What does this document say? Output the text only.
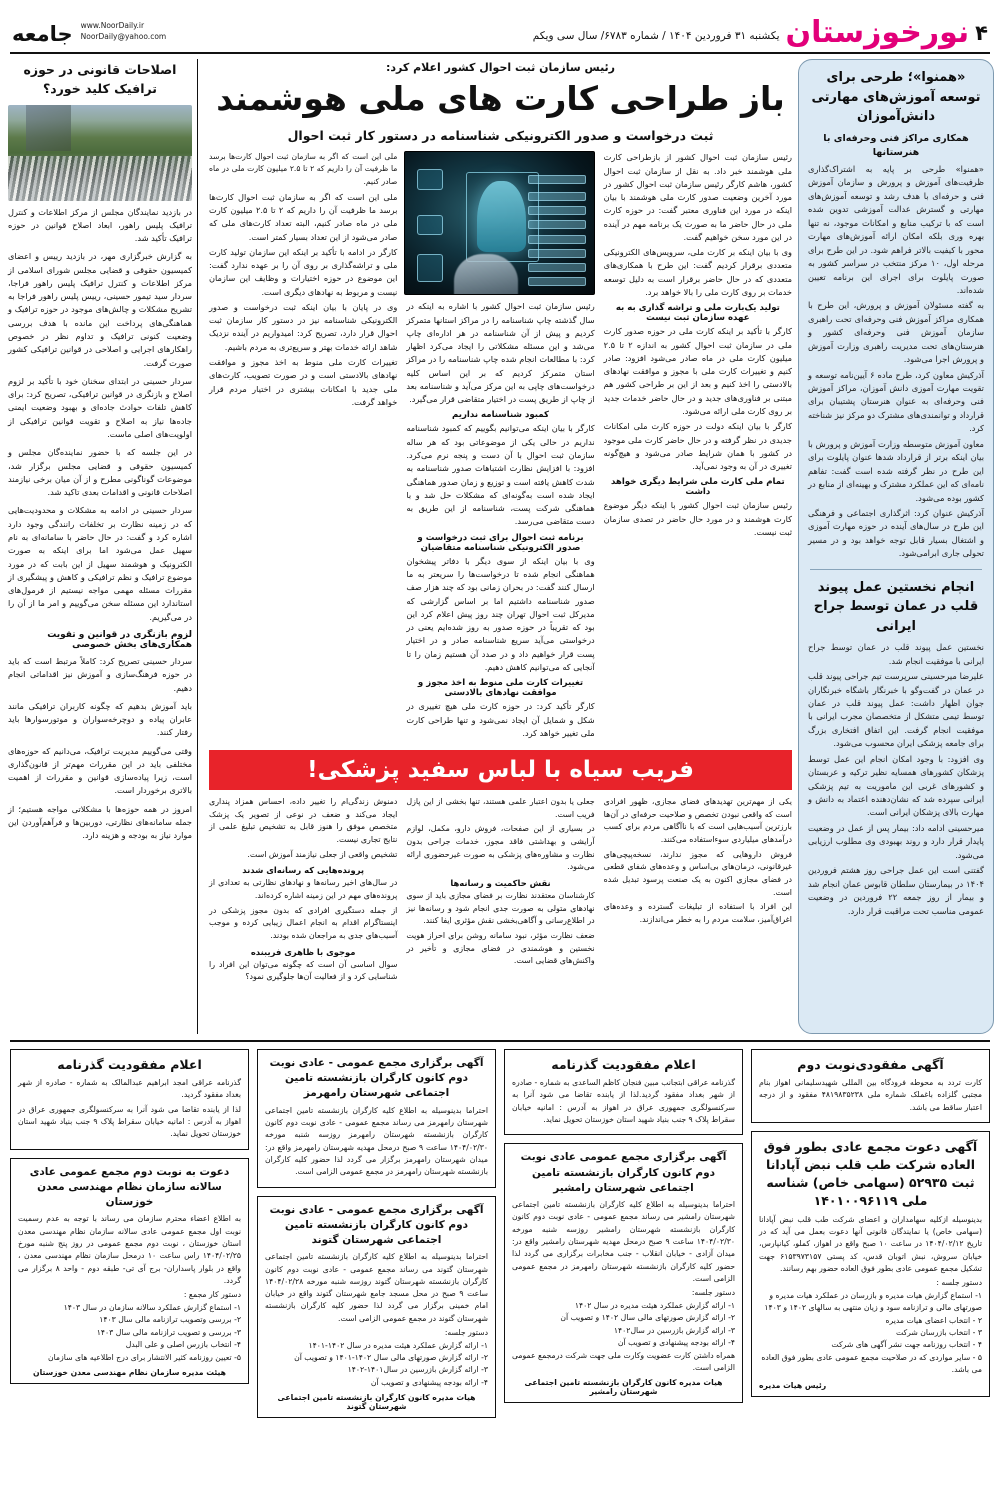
۴
نورخوزستان
یکشنبه ۳۱ فروردین ۱۴۰۴ / شماره ۶۷۸۳/ سال سی ویکم
www.NoorDaily.ir
NoorDaily@yahoo.com
جامعه
«همنوا»؛ طرحی برای توسعه آموزش‌های مهارتی دانش‌آموزان
همکاری مراکز فنی وحرفه‌ای با هنرستانها

«همنوا» طرحی بر پایه به اشتراک‌گذاری ظرفیت‌های آموزش و پرورش و سازمان آموزش فنی و حرفه‌ای با هدف رشد و توسعه آموزش‌های مهارتی و گسترش عدالت آموزشی تدوین شده است که با ترکیب منابع و امکانات موجود، نه تنها بهره وری بلکه امکان ارائه آموزش‌های مهارت محور با کیفیت بالاتر فراهم شود. در این طرح برای مرحله اول، ۱۰ مرکز منتخب در سراسر کشور به صورت پایلوت برای اجرای این برنامه تعیین شده‌اند.

به گفته مسئولان آموزش و پرورش، این طرح با همکاری مراکز آموزش فنی وحرفه‌ای تحت راهبری سازمان آموزش فنی وحرفه‌ای کشور و هنرستان‌های تحت مدیریت راهبری وزارت آموزش و پرورش اجرا می‌شود.

آذرکیش معاون کرد، طرح ماده ۶ آیین‌نامه توسعه و تقویت مهارت آموزی دانش آموزان، مراکز آموزش فنی وحرفه‌ای به عنوان هنرستان پشتیبان برای قرارداد و توانمندی‌های مشترک دو مرکز نیز شناخته کرد.

معاون آموزش متوسطه وزارت آموزش و پرورش با بیان اینکه برتر از قرارداد شدها عنوان پایلوت برای این طرح در نظر گرفته شده است گفت: تفاهم نامه‌ای که این عملکرد مشترک و بهینه‌ای از منابع در کشور بوده می‌شود.

آذرکیش عنوان کرد: اثرگذاری اجتماعی و فرهنگی این طرح در سال‌های آینده در حوزه مهارت آموزی و اشتغال بسیار قابل توجه خواهد بود و در مسیر تحولی جاری ابرامی‌شود.

انجام نخستین عمل پیوند قلب در عمان توسط جراح ایرانی

نخستین عمل پیوند قلب در عمان توسط جراح ایرانی با موفقیت انجام شد.

علیرضا میرحسینی سرپرست تیم جراحی پیوند قلب در عمان در گفت‌وگو با خبرنگار باشگاه خبرنگاران جوان اظهار داشت: عمل پیوند قلب در عمان توسط تیمی متشکل از متخصصان مجرب ایرانی با موفقیت انجام گرفت. این اتفاق افتخاری بزرگ برای جامعه پزشکی ایران محسوب می‌شود.

وی افزود: با وجود امکان انجام این عمل توسط پزشکان کشورهای همسایه نظیر ترکیه و عربستان و کشورهای غربی این ماموریت به تیم پزشکی ایرانی سپرده شد که نشان‌دهنده اعتماد به دانش و مهارت بالای پزشکان ایرانی است.

میرحسینی ادامه داد: بیمار پس از عمل در وضعیت پایدار قرار دارد و روند بهبودی وی مطلوب ارزیابی می‌شود.

گفتنی است این عمل جراحی روز هشتم فروردین ۱۴۰۴ در بیمارستان سلطان قابوس عمان انجام شد و بیمار از روز جمعه ۲۲ فروردین در وضعیت عمومی مناسب تحت مراقبت قرار دارد.

رئیس سازمان ثبت احوال کشور اعلام کرد:
باز طراحی کارت های ملی هوشمند
ثبت درخواست و صدور الکترونیکی شناسنامه در دستور کار ثبت احوال

رئیس سازمان ثبت احوال کشور از بازطراحی کارت ملی هوشمند خبر داد. به نقل از سازمان ثبت احوال کشور، هاشم کارگر رئیس سازمان ثبت احوال کشور در مورد آخرین وضعیت صدور کارت ملی هوشمند با بیان اینکه در مورد این فناوری معتبر گفت: در حوزه کارت ملی در حال حاضر ما به صورت یک برنامه مهم در آینده در این مورد سخن خواهیم گفت.

وی با بیان اینکه بر کارت ملی، سرویس‌های الکترونیکی متعددی برقرار کردیم گفت: این طرح با همکاری‌های متعددی که در حال حاضر برقرار است به دلیل توسعه خدمات بر روی کارت ملی را بالا خواهد برد.

تولید یک‌بارت ملی و تراشه گذاری به به عهده سازمان ثبت نیست

کارگر با تأکید بر اینکه کارت ملی در حوزه صدور کارت ملی در سازمان ثبت احوال کشور به اندازه ۲ تا ۲.۵ میلیون کارت ملی در ماه صادر می‌شود افزود: صادر کنیم و تغییرات کارت ملی با مجوز و موافقت نهادهای بالادستی را اخذ کنیم و بعد از این بر طراحی کشور هم مبتنی بر فناوری‌های جدید و در حال حاضر خدمات جدید بر روی کارت ملی ارائه می‌شود.

کارگر با بیان اینکه دولت در حوزه کارت ملی امکانات جدیدی در نظر گرفته و در حال حاضر کارت ملی موجود در کشور با همان شرایط صادر می‌شود و هیچ‌گونه تغییری در آن به وجود نمی‌آید.

تمام ملی کارت ملی شرایط دیگری خواهد داشت

رئیس سازمان ثبت احوال کشور با اینکه دیگر موضوع کارت هوشمند و در مورد حال حاضر در تصدی سازمان ثبت نیست.

رئیس سازمان ثبت احوال کشور با اشاره به اینکه در سال گذشته چاپ شناسنامه را در مراکز استانها متمرکز کردیم و پیش از آن شناسنامه در هر اداره‌ای چاپ می‌شد و این مسئله مشکلاتی را ایجاد می‌کرد اظهار کرد: با مطالعات انجام شده چاپ شناسنامه را در مراکز استان متمرکز کردیم که بر این اساس کلیه درخواست‌های چاپی به این مرکز می‌آید و شناسنامه بعد از چاپ از طریق پست در اختیار متقاضی قرار می‌گیرد.

کمبود شناسنامه نداریم

کارگر با بیان اینکه می‌توانیم بگوییم که کمبود شناسنامه نداریم در حالی یکی از موضوعاتی بود که هر ساله سازمان ثبت احوال با آن دست و پنجه نرم می‌کرد. افزود: با افزایش نظارت اشتباهات صدور شناسنامه به شدت کاهش یافته است و توزیع و زمان صدور هماهنگی ایجاد شده است به‌گونه‌ای که مشکلات حل شد و با هماهنگی شرکت پست، شناسنامه از این طریق به دست متقاضی می‌رسد.

برنامه ثبت احوال برای ثبت درخواست و صدور الکترونیکی شناسنامه متقاضیان

وی با بیان اینکه از سوی دیگر با دفاتر پیشخوان هماهنگی انجام شده تا درخواست‌ها را سریعتر به ما ارسال کنند گفت: در بحران زمانی بود که چند هزار صف صدور شناسنامه داشتیم اما بر اساس گزارشی که مدیرکل ثبت احوال تهران چند روز پیش اعلام کرد این بود که تقریباً در حوزه صدور به روز شده‌ایم یعنی در درخواستی می‌آید سریع شناسنامه صادر و در اختیار پست قرار خواهیم داد و در صدد آن هستیم زمان را تا آنجایی که می‌توانیم کاهش دهیم.

تغییرات کارت ملی منوط به اخذ مجوز و موافقت نهادهای بالادستی

کارگر تأکید کرد: در حوزه کارت ملی هیچ تغییری در شکل و شمایل آن ایجاد نمی‌شود و تنها طراحی کارت ملی تغییر خواهد کرد.

ملی این است که اگر به سازمان ثبت احوال کارت‌ها برسد ما ظرفیت آن را داریم که ۲ تا ۲.۵ میلیون کارت ملی در ماه صادر کنیم.

ملی این است که اگر به سازمان ثبت احوال کارت‌ها برسد ما ظرفیت آن را داریم که ۲ تا ۲.۵ میلیون کارت ملی در ماه صادر کنیم، البته تعداد کارت‌های ملی که صادر می‌شود از این تعداد بسیار کمتر است.

کارگر در ادامه با تأکید بر اینکه این سازمان تولید کارت ملی و تراشه‌گذاری بر روی آن را بر عهده ندارد گفت: این موضوع در حوزه اختیارات و وظایف این سازمان نیست و مربوط به نهادهای دیگری است.

وی در پایان با بیان اینکه ثبت درخواست و صدور الکترونیکی شناسنامه نیز در دستور کار سازمان ثبت احوال قرار دارد، تصریح کرد: امیدواریم در آینده نزدیک شاهد ارائه خدمات بهتر و سریع‌تری به مردم باشیم.

تغییرات کارت ملی منوط به اخذ مجوز و موافقت نهادهای بالادستی است و در صورت تصویب، کارت‌های ملی جدید با امکانات بیشتری در اختیار مردم قرار خواهد گرفت.

فریب سیاه با لباس سفید پزشکی!

یکی از مهم‌ترین تهدیدهای فضای مجازی، ظهور افرادی است که واقعی نبودن تخصص و صلاحیت حرفه‌ای در آن‌ها بارزترین آسیب‌هایی است که با ناآگاهی مردم برای کسب درآمدهای میلیاردی سوءاستفاده می‌کنند.

فروش دارو‌هایی که مجوز ندارند، نسخه‌پیچی‌های غیرقانونی، درمان‌های بی‌اساس و وعده‌های شفای قطعی در فضای مجازی اکنون به یک صنعت پرسود تبدیل شده است.

این افراد با استفاده از تبلیغات گسترده و وعده‌های اغراق‌آمیز، سلامت مردم را به خطر می‌اندازند.

جعلی یا بدون اعتبار علمی هستند، تنها بخشی از این پازل فریب است.

در بسیاری از این صفحات، فروش دارو، مکمل، لوازم آرایشی و بهداشتی فاقد مجوز، خدمات جراحی بدون نظارت و مشاوره‌های پزشکی به صورت غیرحضوری ارائه می‌شود.

نقش حاکمیت و رسانه‌ها

کارشناسان معتقدند نظارت بر فضای مجازی باید از سوی نهادهای متولی به صورت جدی انجام شود و رسانه‌ها نیز در اطلاع‌رسانی و آگاهی‌بخشی نقش مؤثری ایفا کنند.

ضعف نظارت مؤثر، نبود سامانه روشن برای احراز هویت نخستین و هوشمندی در فضای مجازی و تأخیر در واکنش‌های قضایی است.

دمنوش زندگی‌ام را تغییر داده، احساس همزاد پنداری ایجاد می‌کند و ضعف در نوعی از تصویر یک پزشک متخصص موفق را هنوز قابل به تشخیص تبلیغ علمی از نتایج تجاری نیست.

تشخیص واقعی از جعلی نیازمند آموزش است.

پرونده‌هایی که رسانه‌ای شدند

در سال‌های اخیر رسانه‌ها و نهادهای نظارتی به تعدادی از پرونده‌های مهم در این زمینه اشاره کرده‌اند.

از جمله دستگیری افرادی که بدون مجوز پزشکی در اینستاگرام اقدام به انجام اعمال زیبایی کرده و موجب آسیب‌های جدی به مراجعان شده بودند.

موجوی با ظاهری فریبنده

سوال اساسی آن است که چگونه می‌توان این افراد را شناسایی کرد و از فعالیت آن‌ها جلوگیری نمود؟

اصلاحات قانونی در حوزه ترافیک کلید خورد؟

در بازدید نمایندگان مجلس از مرکز اطلاعات و کنترل ترافیک پلیس راهور، ابعاد اصلاح قوانین در حوزه ترافیک تأکید شد.

به گزارش خبرگزاری مهر، در بازدید رییس و اعضای کمیسیون حقوقی و قضایی مجلس شورای اسلامی از مرکز اطلاعات و کنترل ترافیک پلیس راهور فراجا، سردار سید تیمور حسینی، رییس پلیس راهور فراجا به تشریح مشکلات و چالش‌های موجود در حوزه ترافیک و هماهنگی‌های پرداخت این مانده با هدف بررسی وضعیت کنونی ترافیک و تداوم نظر در خصوص راهکارهای اجرایی و اصلاحی در قوانین ترافیکی کشور صورت گرفت.

سردار حسینی در ابتدای سخنان خود با تأکید بر لزوم اصلاح و بازنگری در قوانین ترافیکی، تصریح کرد: برای کاهش تلفات حوادث جاده‌ای و بهبود وضعیت ایمنی جاده‌ها نیاز به اصلاح و تقویت قوانین ترافیکی از اولویت‌های اصلی ماست.

در این جلسه که با حضور نماینده‌گان مجلس و کمیسیون حقوقی و قضایی مجلس برگزار شد، موضوعات گوناگونی مطرح و از آن میان برخی نیازمند اصلاحات قانونی و اقدامات بعدی تاکید شد.

سردار حسینی در ادامه به مشکلات و محدودیت‌هایی که در زمینه نظارت بر تخلفات رانندگی وجود دارد اشاره کرد و گفت: در حال حاضر با سامانه‌ای به نام سهیل عمل می‌شود اما برای اینکه به صورت الکترونیک و هوشمند سهیل از این بابت که در مورد موضوع ترافیک و نظم ترافیکی و کاهش و پیشگیری از مقررات مسئله مهمی مواجه نیستیم از فرمول‌های استاندارد این مسئله سخن می‌گوییم و امر ما از آن را در می‌گیریم.

لزوم بازنگری در قوانین و تقویت همکاری‌های بخش خصوصی

سردار حسینی تصریح کرد: کاملاً مرتبط است که باید در حوزه فرهنگ‌سازی و آموزش نیز اقداماتی انجام دهیم.

باید آموزش بدهیم که چگونه کاربران ترافیکی مانند عابران پیاده و دوچرخه‌سواران و موتورسوارها باید رفتار کنند.

وقتی می‌گوییم مدیریت ترافیک، می‌دانیم که حوزه‌های مختلفی باید در این مقررات مهم‌تر از قانون‌گذاری است، زیرا پیاده‌سازی قوانین و مقررات از اهمیت بالاتری برخوردار است.

امروز در همه حوزه‌ها با مشکلاتی مواجه هستیم؛ از جمله سامانه‌های نظارتی، دوربین‌ها و فرآهم‌آوردن این موارد نیاز به بودجه و هزینه دارد.

آگهی مفقودی‌نوبت دوم

کارت تردد به محوطه فرودگاه بین المللی شهیدسلیمانی اهواز بنام مجتبی گلزاده باغملک شماره ملی ۴۸۱۹۸۳۵۲۳۸ مفقود و از درجه اعتبار ساقط می باشد.

آگهی دعوت مجمع عادی بطور فوق العاده شرکت طب قلب نبض آپادانا ثبت ۵۲۹۳۵ (سهامی خاص) شناسه ملی ۱۴۰۱۰۰۹۶۱۱۹

بدینوسیله ازکلیه سهامداران و اعضای شرکت طب قلب نبض آپادانا (سهامی خاص) یا نمایندگان قانونی آنها دعوت بعمل می آید که در تاریخ ۱۴۰۴/۰۲/۱۲ در ساعت ۱۰ صبح واقع در اهواز، کملو، کیانپارس، خیابان سروش، نبش اتوبان قدس، کد پستی ۶۱۵۳۹۷۳۱۵۷ جهت تشکیل مجمع عمومی عادی بطور فوق العاده حضور بهم رسانند.

دستور جلسه :

۱- استماع گزارش هیات مدیره و بازرسان در عملکرد هیات مدیره و صورتهای مالی و ترازنامه سود و زیان منتهی به سالهای ۱۴۰۲ و ۱۴۰۳

۲ - انتخاب اعضای هیات مدیره

۳ - انتخاب بازرسان شرکت

۴ - انتخاب روزنامه جهت نشر آگهی های شرکت

۵ - سایر مواردی که در صلاحیت مجمع عمومی عادی بطور فوق العاده می باشد.

رئیس هیات مدیره
اعلام مفقودیت گذرنامه

گذرنامه عراقی ابتجانب مبین فنجان کاظم الساعدی به شماره - صادره از شهر بغداد مفقود گردید.لذا از یابنده تقاضا می شود آنرا به سرکنسولگری جمهوری عراق در اهواز به آدرس : امانیه خیابان سقراط پلاک ۹ جنب بنیاد شهید استان خوزستان تحویل نماید.

آگهی برگزاری مجمع عمومی عادی نوبت دوم کانون کارگران بازنشسته تامین اجتماعی شهرستان رامشیر

احتراما بدینوسیله به اطلاع کلیه کارگران بازنشسته تامین اجتماعی شهرستان رامشیر می رساند مجمع عمومی - عادی نوبت دوم کانون کارگران بازنشسته شهرستان رامشیر روزسه شنبه مورخه ۱۴۰۴/۰۲/۳۰ ساعت ۹ صبح درمحل مهدیه شهرستان رامشیر واقع در: میدان آزادی - خیابان انقلاب - جنب مخابرات برگزاری می گردد لذا حضور کلیه کارگران بازنشسته شهرستان رامهرمز در مجمع عمومی الزامی است.

دستور جلسه:

۱- ارائه گزارش عملکرد هیئت مدیره در سال ۱۴۰۲

۲- ارائه گزارش صورتهای مالی سال ۱۴۰۲ و تصویب آن

۳- ارائه گزارش بازرسین در سال۱۴۰۲

۴- ارائه بودجه پیشنهادی و تصویب آن

همراه داشتن کارت عضویت وکارت ملی جهت شرکت درمجمع عمومی الزامی است.

هیات مدیره کانون کارگران بازنشسته تامین اجتماعی شهرستان رامشیر
آگهی برگزاری مجمع عمومی - عادی نوبت دوم کانون کارگران بازنشسته تامین اجتماعی شهرستان رامهرمز

احتراما بدینوسیله به اطلاع کلیه کارگران بازنشسته تامین اجتماعی شهرستان رامهرمز می رساند مجمع عمومی - عادی نوبت دوم کانون کارگران بازنشسته شهرستان رامهرمز روزسه شنبه مورخه ۱۴۰۴/۰۲/۳۰ ساعت ۹ صبح درمحل مهدیه شهرستان رامهرمز واقع در: میدان شهرستان رامهرمز برگزار می گردد لذا حضور کلیه کارگران بازنشسته شهرستان رامهرمز در مجمع عمومی الزامی است.

آگهی برگزاری مجمع عمومی - عادی نوبت دوم کانون کارگران بازنشسته تامین اجتماعی شهرستان گتوند

احتراما بدینوسیله به اطلاع کلیه کارگران بازنشسته تامین اجتماعی شهرستان گتوند می رساند مجمع عمومی - عادی نوبت دوم کانون کارگران بازنشسته شهرستان گتوند روزسه شنبه مورخه ۱۴۰۴/۰۲/۲۸ ساعت ۹ صبح در محل مسجد جامع شهرستان گتوند واقع در خیابان امام خمینی برگزار می گردد لذا حضور کلیه کارگران بازنشسته شهرستان گتوند در مجمع عمومی الزامی است.

دستور جلسه:

۱- ارائه گزارش عملکرد هیئت مدیره در سال ۱۴۰۲-۱۴۰۱

۲- ارائه گزارش صورتهای مالی سال ۱۴۰۲-۱۴۰۱ و تصویب آن

۳- ارائه گزارش بازرسین در سال۱۴۰۱-۱۴۰۲

۴- ارائه بودجه پیشنهادی و تصویب آن

هیات مدیره کانون کارگران بازنشسته تامین اجتماعی شهرستان گتوند
اعلام مفقودیت گذرنامه

گذرنامه عراقی امجد ابراهیم عبدالمالک به شماره - صادره از شهر بغداد مفقود گردید.

لذا از یابنده تقاضا می شود آنرا به سرکنسولگری جمهوری عراق در اهواز به آدرس : امانیه خیابان سقراط پلاک ۹ جنب بنیاد شهید استان خوزستان تحویل نماید.

دعوت به نوبت دوم مجمع عمومی عادی سالانه سازمان نظام مهندسی معدن خوزستان

به اطلاع اعضاء محترم سازمان می رساند با توجه به عدم رسمیت نوبت اول مجمع عمومی عادی سالانه سازمان نظام مهندسی معدن استان خوزستان ، نوبت دوم مجمع عمومی در روز پنج شنبه مورخ ۱۴۰۴/۰۲/۲۵ راس ساعت ۱۰ درمحل سازمان نظام مهندسی معدن ، واقع در بلوار پاسداران- برج آی تی- طبقه دوم - واحد ۸ برگزار می گردد.

دستور کار مجمع :

۱- استماع گزارش عملکرد سالانه سازمان در سال ۱۴۰۳

۲- بررسی وتصویب ترازنامه مالی سال ۱۴۰۳

۳- بررسی و تصویب ترازنامه مالی سال ۱۴۰۳

۴- انتخاب بازرس اصلی و علی البدل

۵- تعیین روزنامه کثیر الانتشار برای درج اطلاعیه های سازمان

هیئت مدیره سازمان نظام مهندسی معدن خوزستان
